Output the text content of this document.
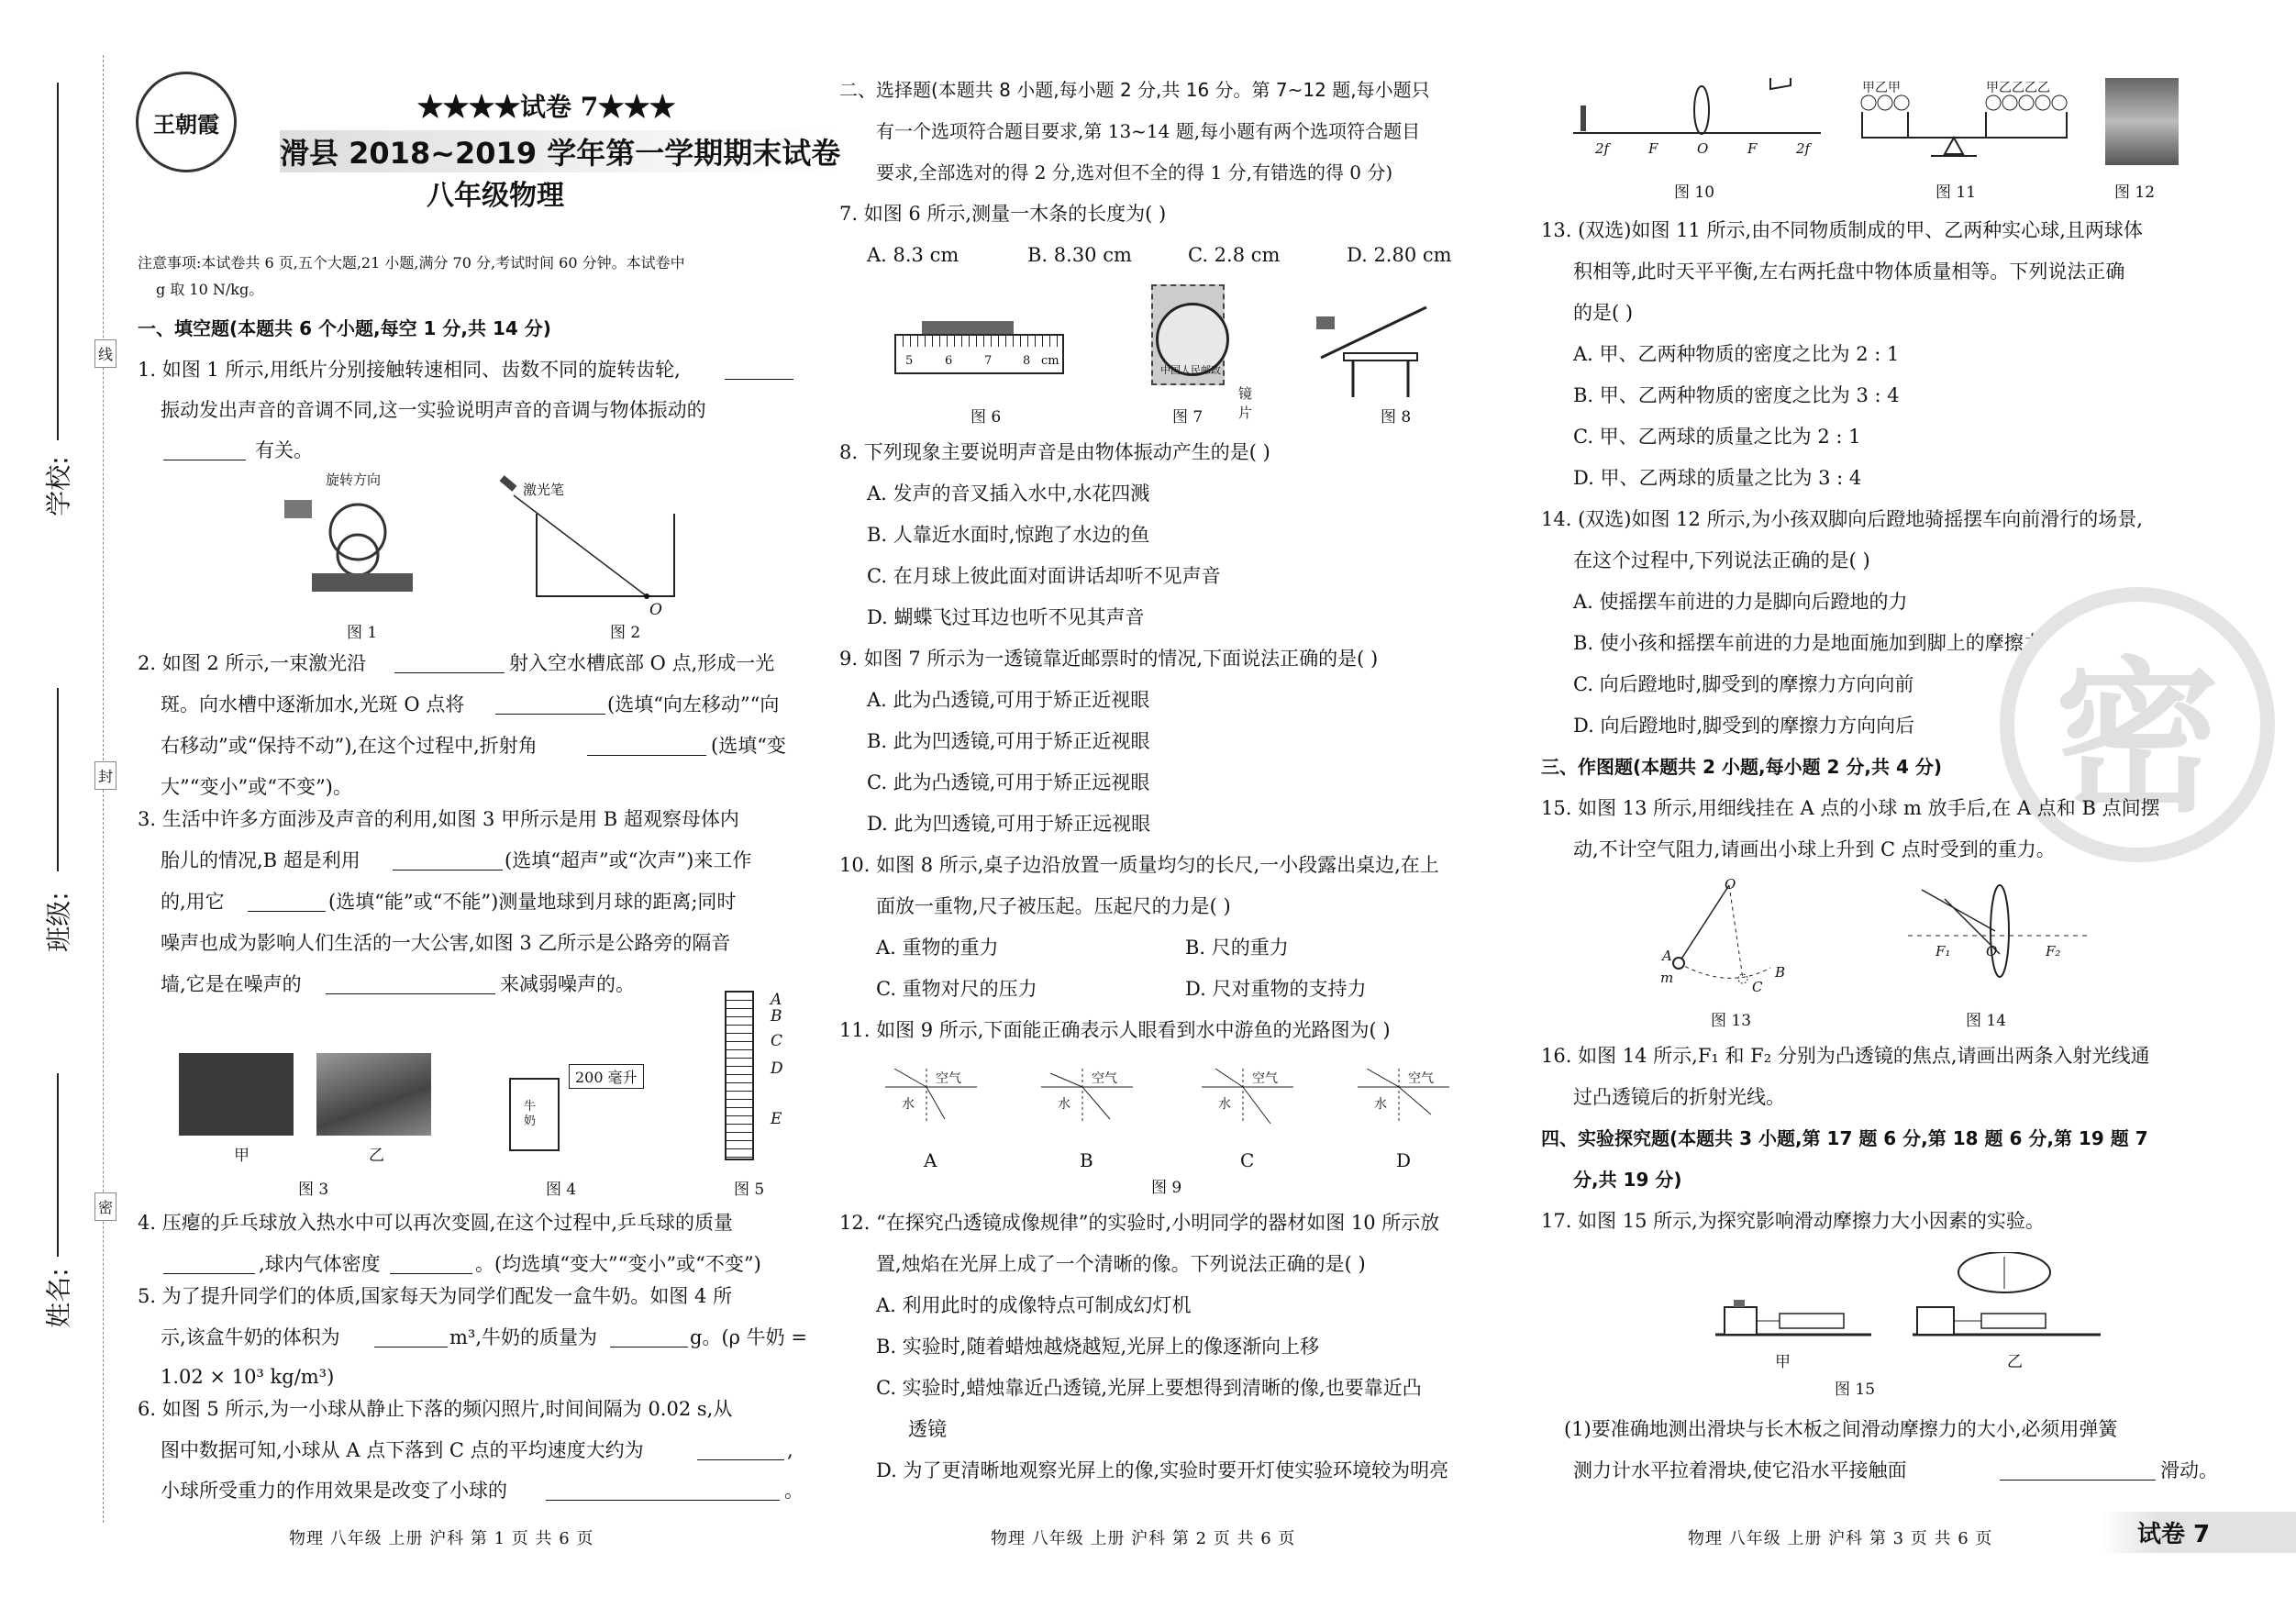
学校:
班级:
姓名:
线
封
密
王朝霞
★★★★试卷 7★★★
滑县 2018~2019 学年第一学期期末试卷
八年级物理
注意事项:本试卷共 6 页,五个大题,21 小题,满分 70 分,考试时间 60 分钟。本试卷中
g 取 10 N/kg。
一、填空题(本题共 6 个小题,每空 1 分,共 14 分)
1. 如图 1 所示,用纸片分别接触转速相同、齿数不同的旋转齿轮,
振动发出声音的音调不同,这一实验说明声音的音调与物体振动的
有关。
旋转方向
图 1
激光笔
O
图 2
2. 如图 2 所示,一束激光沿	射入空水槽底部 O 点,形成一光
斑。向水槽中逐渐加水,光斑 O 点将	(选填“向左移动”“向
右移动”或“保持不动”),在这个过程中,折射角	(选填“变
大”“变小”或“不变”)。
3. 生活中许多方面涉及声音的利用,如图 3 甲所示是用 B 超观察母体内
胎儿的情况,B 超是利用	(选填“超声”或“次声”)来工作
的,用它	(选填“能”或“不能”)测量地球到月球的距离;同时
噪声也成为影响人们生活的一大公害,如图 3 乙所示是公路旁的隔音
墙,它是在噪声的	来减弱噪声的。
甲	乙
图 3
200 毫升
牛奶
图 4
A
B
C
D
E
图 5
4. 压瘪的乒乓球放入热水中可以再次变圆,在这个过程中,乒乓球的质量
,球内气体密度	。(均选填“变大”“变小”或“不变”)
5. 为了提升同学们的体质,国家每天为同学们配发一盒牛奶。如图 4 所
示,该盒牛奶的体积为	m³,牛奶的质量为	g。(ρ 牛奶 =
1.02 × 10³ kg/m³)
6. 如图 5 所示,为一小球从静止下落的频闪照片,时间间隔为 0.02 s,从
图中数据可知,小球从 A 点下落到 C 点的平均速度大约为	,
小球所受重力的作用效果是改变了小球的	。
物理 八年级 上册 沪科 第 1 页 共 6 页
二、选择题(本题共 8 小题,每小题 2 分,共 16 分。第 7~12 题,每小题只
有一个选项符合题目要求,第 13~14 题,每小题有两个选项符合题目
要求,全部选对的得 2 分,选对但不全的得 1 分,有错选的得 0 分)
7. 如图 6 所示,测量一木条的长度为( )
A. 8.3 cm	B. 8.30 cm	C. 2.8 cm	D. 2.80 cm
5	6	7	8 cm
图 6
中国人民邮政
镜片
图 7	图 8
8. 下列现象主要说明声音是由物体振动产生的是( )
A. 发声的音叉插入水中,水花四溅
B. 人靠近水面时,惊跑了水边的鱼
C. 在月球上彼此面对面讲话却听不见声音
D. 蝴蝶飞过耳边也听不见其声音
9. 如图 7 所示为一透镜靠近邮票时的情况,下面说法正确的是( )
A. 此为凸透镜,可用于矫正近视眼
B. 此为凹透镜,可用于矫正近视眼
C. 此为凸透镜,可用于矫正远视眼
D. 此为凹透镜,可用于矫正远视眼
10. 如图 8 所示,桌子边沿放置一质量均匀的长尺,一小段露出桌边,在上
面放一重物,尺子被压起。压起尺的力是( )
A. 重物的重力	B. 尺的重力
C. 重物对尺的压力	D. 尺对重物的支持力
11. 如图 9 所示,下面能正确表示人眼看到水中游鱼的光路图为( )
空气
水
A
空气
水
B
空气
水
C
空气
水
D
图 9
12. “在探究凸透镜成像规律”的实验时,小明同学的器材如图 10 所示放
置,烛焰在光屏上成了一个清晰的像。下列说法正确的是( )
A. 利用此时的成像特点可制成幻灯机
B. 实验时,随着蜡烛越烧越短,光屏上的像逐渐向上移
C. 实验时,蜡烛靠近凸透镜,光屏上要想得到清晰的像,也要靠近凸
透镜
D. 为了更清晰地观察光屏上的像,实验时要开灯使实验环境较为明亮
物理 八年级 上册 沪科 第 2 页 共 6 页
2f	F	O	F	2f
图 10
甲乙甲	甲乙乙乙乙
图 11	图 12
13. (双选)如图 11 所示,由不同物质制成的甲、乙两种实心球,且两球体
积相等,此时天平平衡,左右两托盘中物体质量相等。下列说法正确
的是( )
A. 甲、乙两种物质的密度之比为 2 : 1
B. 甲、乙两种物质的密度之比为 3 : 4
C. 甲、乙两球的质量之比为 2 : 1
D. 甲、乙两球的质量之比为 3 : 4
14. (双选)如图 12 所示,为小孩双脚向后蹬地骑摇摆车向前滑行的场景,
在这个过程中,下列说法正确的是( )
A. 使摇摆车前进的力是脚向后蹬地的力
B. 使小孩和摇摆车前进的力是地面施加到脚上的摩擦力
C. 向后蹬地时,脚受到的摩擦力方向向前
D. 向后蹬地时,脚受到的摩擦力方向向后 密
三、作图题(本题共 2 小题,每小题 2 分,共 4 分)
15. 如图 13 所示,用细线挂在 A 点的小球 m 放手后,在 A 点和 B 点间摆
动,不计空气阻力,请画出小球上升到 C 点时受到的重力。
O
A
m
C
B
图 13
F₁	O	F₂
图 14
16. 如图 14 所示,F₁ 和 F₂ 分别为凸透镜的焦点,请画出两条入射光线通
过凸透镜后的折射光线。
四、实验探究题(本题共 3 小题,第 17 题 6 分,第 18 题 6 分,第 19 题 7
分,共 19 分)
17. 如图 15 所示,为探究影响滑动摩擦力大小因素的实验。
甲	乙
图 15
(1)要准确地测出滑块与长木板之间滑动摩擦力的大小,必须用弹簧
测力计水平拉着滑块,使它沿水平接触面	滑动。
物理 八年级 上册 沪科 第 3 页 共 6 页	试卷 7
